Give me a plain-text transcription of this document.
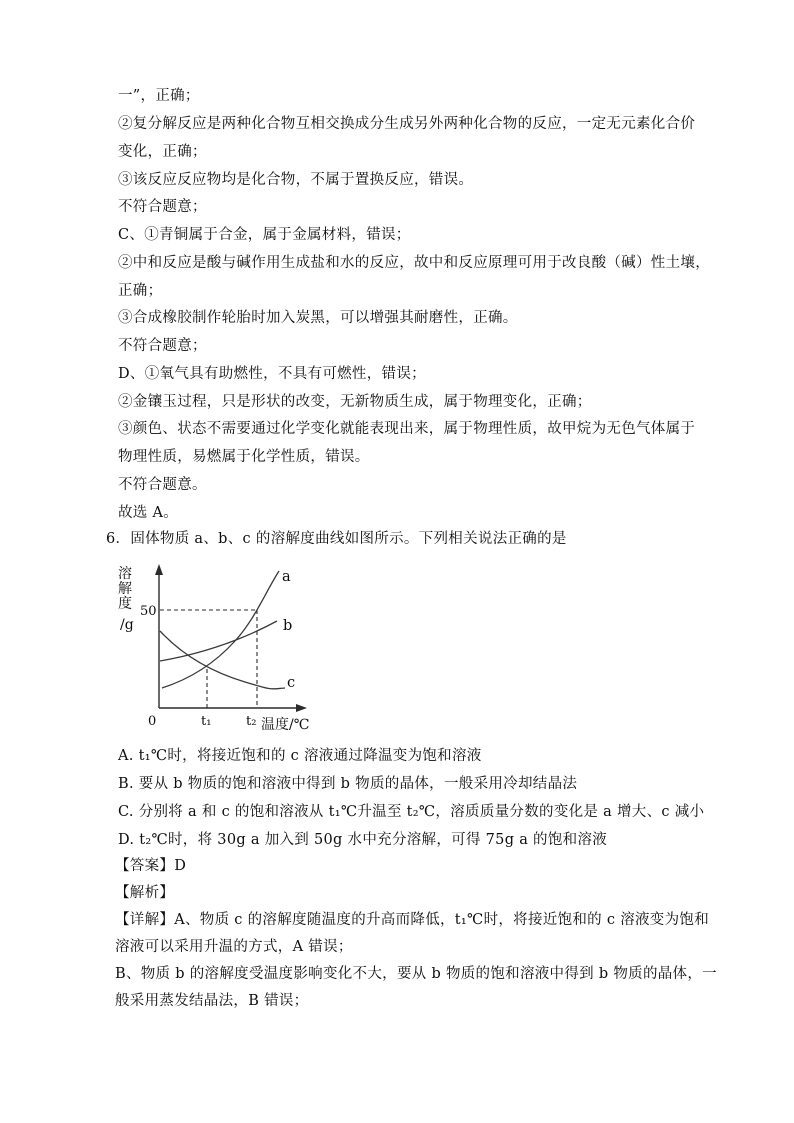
一”，正确；
②复分解反应是两种化合物互相交换成分生成另外两种化合物的反应，一定无元素化合价
变化，正确；
③该反应反应物均是化合物，不属于置换反应，错误。
不符合题意；
C、①青铜属于合金，属于金属材料，错误；
②中和反应是酸与碱作用生成盐和水的反应，故中和反应原理可用于改良酸（碱）性土壤，
正确；
③合成橡胶制作轮胎时加入炭黑，可以增强其耐磨性，正确。
不符合题意；
D、①氧气具有助燃性，不具有可燃性，错误；
②金镶玉过程，只是形状的改变，无新物质生成，属于物理变化，正确；
③颜色、状态不需要通过化学变化就能表现出来，属于物理性质，故甲烷为无色气体属于
物理性质，易燃属于化学性质，错误。
不符合题意。
故选 A。
6．固体物质 a、b、c 的溶解度曲线如图所示。下列相关说法正确的是
溶
解
度
/g
50
0	t₁	t₂ 温度/℃
a
b
c
A. t₁℃时，将接近饱和的 c 溶液通过降温变为饱和溶液
B. 要从 b 物质的饱和溶液中得到 b 物质的晶体，一般采用冷却结晶法
C. 分别将 a 和 c 的饱和溶液从 t₁℃升温至 t₂℃，溶质质量分数的变化是 a 增大、c 减小
D. t₂℃时，将 30g a 加入到 50g 水中充分溶解，可得 75g a 的饱和溶液
【答案】D
【解析】
【详解】A、物质 c 的溶解度随温度的升高而降低，t₁℃时，将接近饱和的 c 溶液变为饱和
溶液可以采用升温的方式，A 错误；
B、物质 b 的溶解度受温度影响变化不大，要从 b 物质的饱和溶液中得到 b 物质的晶体，一
般采用蒸发结晶法，B 错误；
